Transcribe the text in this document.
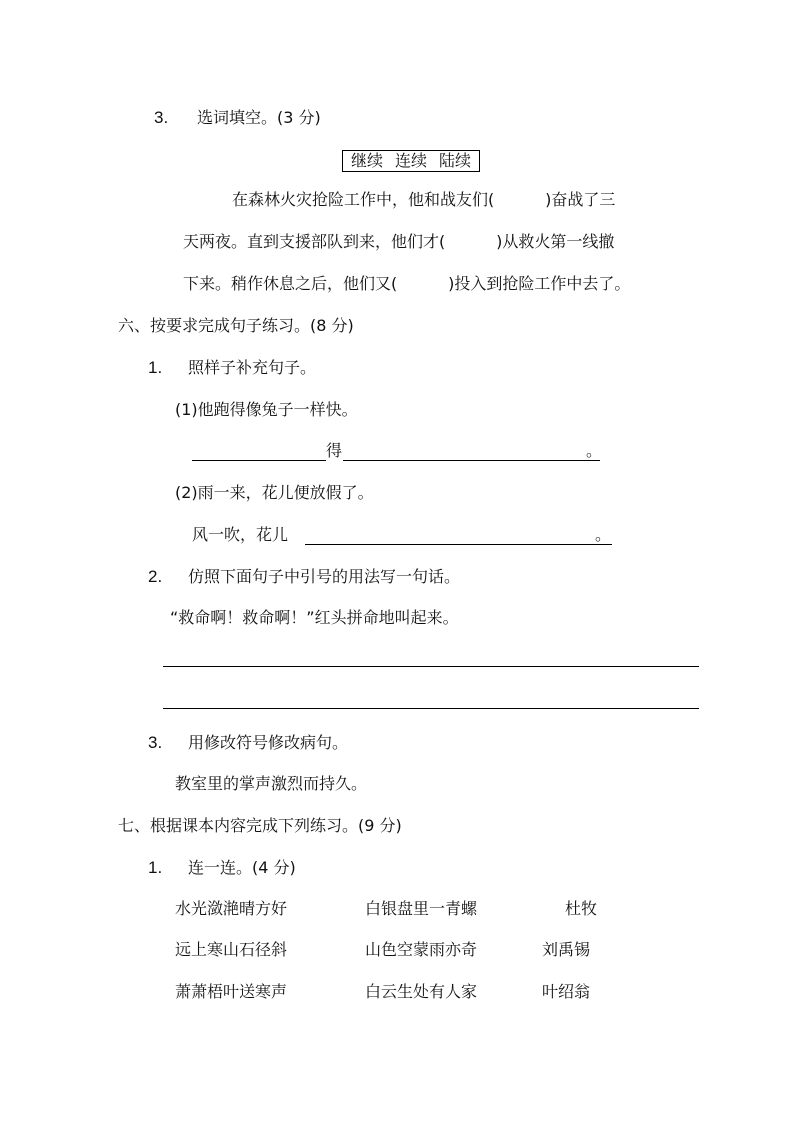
3. 选词填空。(3 分)
继续 连续 陆续
在森林火灾抢险工作中，他和战友们(          )奋战了三
天两夜。直到支援部队到来，他们才(          )从救火第一线撤
下来。稍作休息之后，他们又(          )投入到抢险工作中去了。
六、按要求完成句子练习。(8 分)
1. 照样子补充句子。
(1)他跑得像兔子一样快。
得	。
(2)雨一来，花儿便放假了。
风一吹，花儿	。
2. 仿照下面句子中引号的用法写一句话。
“救命啊！救命啊！”红头拼命地叫起来。
3. 用修改符号修改病句。
教室里的掌声激烈而持久。
七、根据课本内容完成下列练习。(9 分)
1. 连一连。(4 分)
水光潋滟晴方好	白银盘里一青螺	杜牧
远上寒山石径斜	山色空蒙雨亦奇	刘禹锡
萧萧梧叶送寒声	白云生处有人家	叶绍翁
